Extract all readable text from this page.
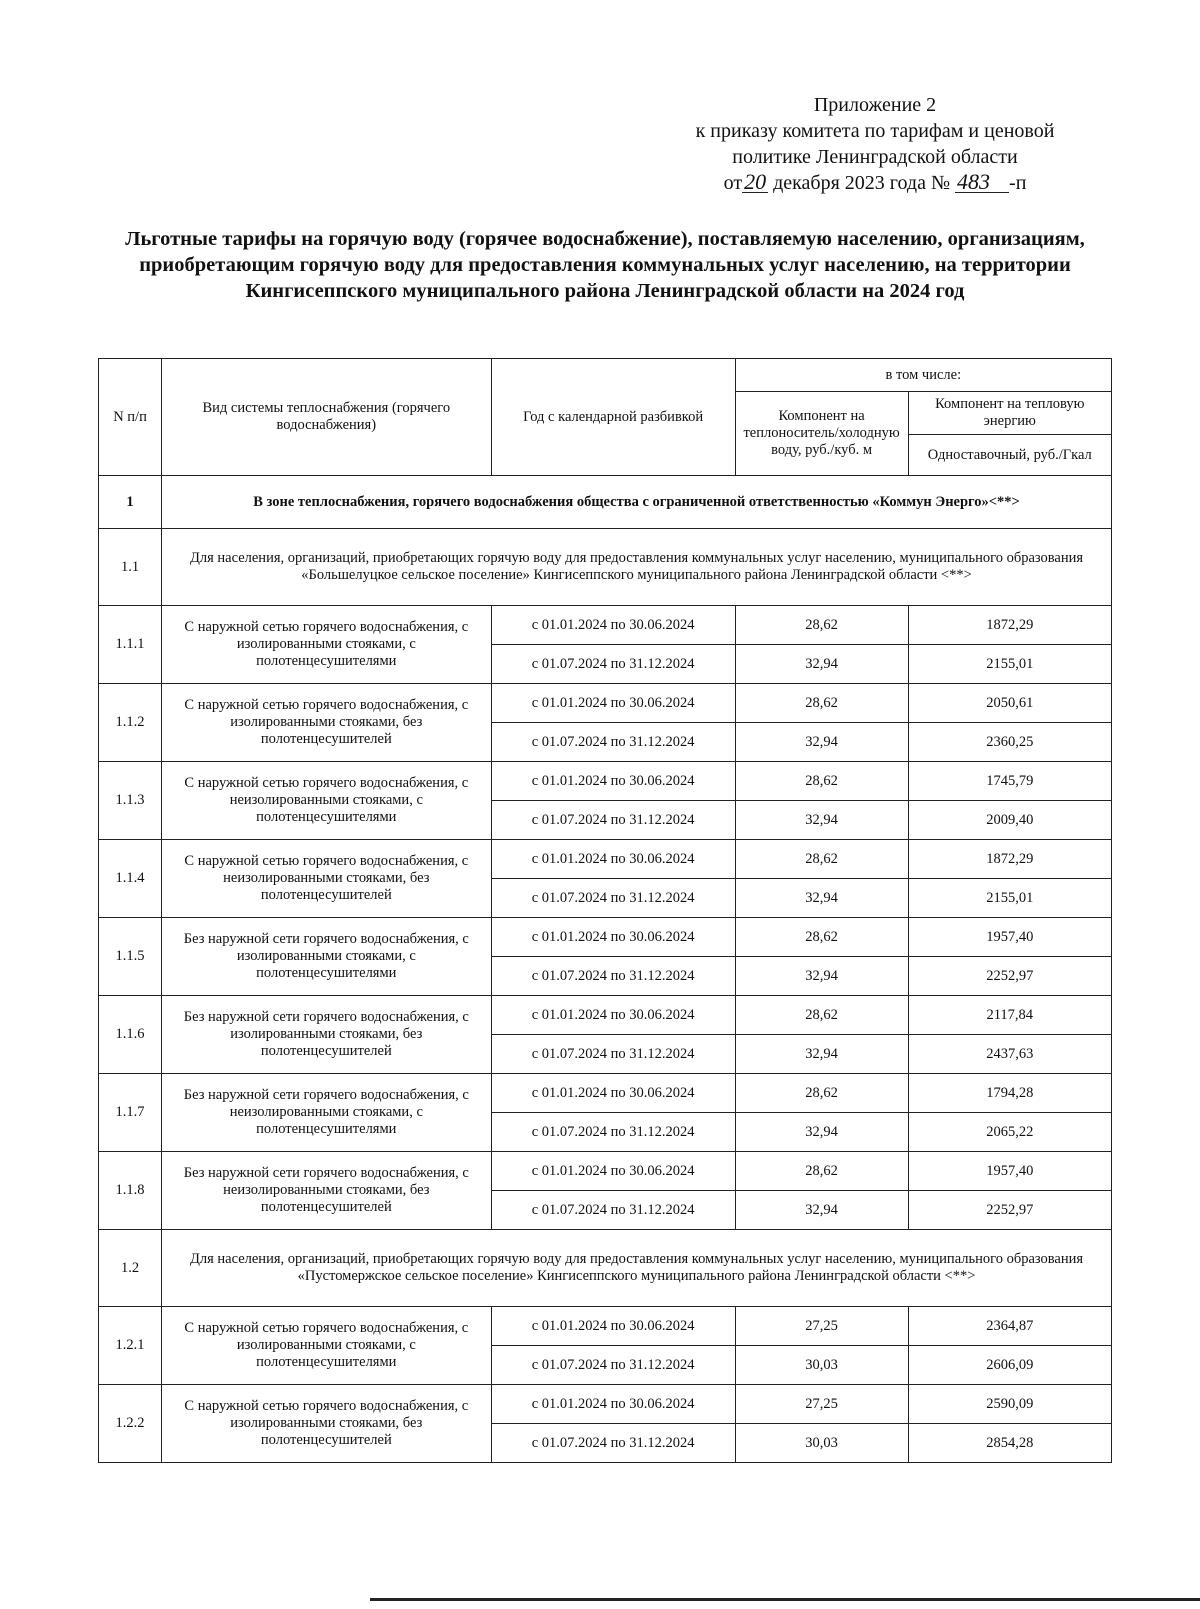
Приложение 2
к приказу комитета по тарифам и ценовой
политике Ленинградской области
от20 декабря 2023 года № 483 -п
Льготные тарифы на горячую воду (горячее водоснабжение), поставляемую населению, организациям, приобретающим горячую воду для предоставления коммунальных услуг населению, на территории Кингисеппского муниципального района Ленинградской области на 2024 год
N п/п	Вид системы теплоснабжения (горячего водоснабжения)	Год с календарной разбивкой	в том числе:	
			Компонент на теплоноситель/холодную воду, руб./куб. м	Компонент на тепловую энергию
				Одноставочный, руб./Гкал
1	В зоне теплоснабжения, горячего водоснабжения общества с ограниченной ответственностью «Коммун Энерго»<**>			
1.1	Для населения, организаций, приобретающих горячую воду для предоставления коммунальных услуг населению, муниципального образования «Большелуцкое сельское поселение» Кингисеппского муниципального района Ленинградской области <**>			
1.1.1	С наружной сетью горячего водоснабжения, с изолированными стояками, с полотенцесушителями	с 01.01.2024 по 30.06.2024	28,62	1872,29
		с 01.07.2024 по 31.12.2024	32,94	2155,01
1.1.2	С наружной сетью горячего водоснабжения, с изолированными стояками, без полотенцесушителей	с 01.01.2024 по 30.06.2024	28,62	2050,61
		с 01.07.2024 по 31.12.2024	32,94	2360,25
1.1.3	С наружной сетью горячего водоснабжения, с неизолированными стояками, с полотенцесушителями	с 01.01.2024 по 30.06.2024	28,62	1745,79
		с 01.07.2024 по 31.12.2024	32,94	2009,40
1.1.4	С наружной сетью горячего водоснабжения, с неизолированными стояками, без полотенцесушителей	с 01.01.2024 по 30.06.2024	28,62	1872,29
		с 01.07.2024 по 31.12.2024	32,94	2155,01
1.1.5	Без наружной сети горячего водоснабжения, с изолированными стояками, с полотенцесушителями	с 01.01.2024 по 30.06.2024	28,62	1957,40
		с 01.07.2024 по 31.12.2024	32,94	2252,97
1.1.6	Без наружной сети горячего водоснабжения, с изолированными стояками, без полотенцесушителей	с 01.01.2024 по 30.06.2024	28,62	2117,84
		с 01.07.2024 по 31.12.2024	32,94	2437,63
1.1.7	Без наружной сети горячего водоснабжения, с неизолированными стояками, с полотенцесушителями	с 01.01.2024 по 30.06.2024	28,62	1794,28
		с 01.07.2024 по 31.12.2024	32,94	2065,22
1.1.8	Без наружной сети горячего водоснабжения, с неизолированными стояками, без полотенцесушителей	с 01.01.2024 по 30.06.2024	28,62	1957,40
		с 01.07.2024 по 31.12.2024	32,94	2252,97
1.2	Для населения, организаций, приобретающих горячую воду для предоставления коммунальных услуг населению, муниципального образования «Пустомержское сельское поселение» Кингисеппского муниципального района Ленинградской области <**>			
1.2.1	С наружной сетью горячего водоснабжения, с изолированными стояками, с полотенцесушителями	с 01.01.2024 по 30.06.2024	27,25	2364,87
		с 01.07.2024 по 31.12.2024	30,03	2606,09
1.2.2	С наружной сетью горячего водоснабжения, с изолированными стояками, без полотенцесушителей	с 01.01.2024 по 30.06.2024	27,25	2590,09
		с 01.07.2024 по 31.12.2024	30,03	2854,28
